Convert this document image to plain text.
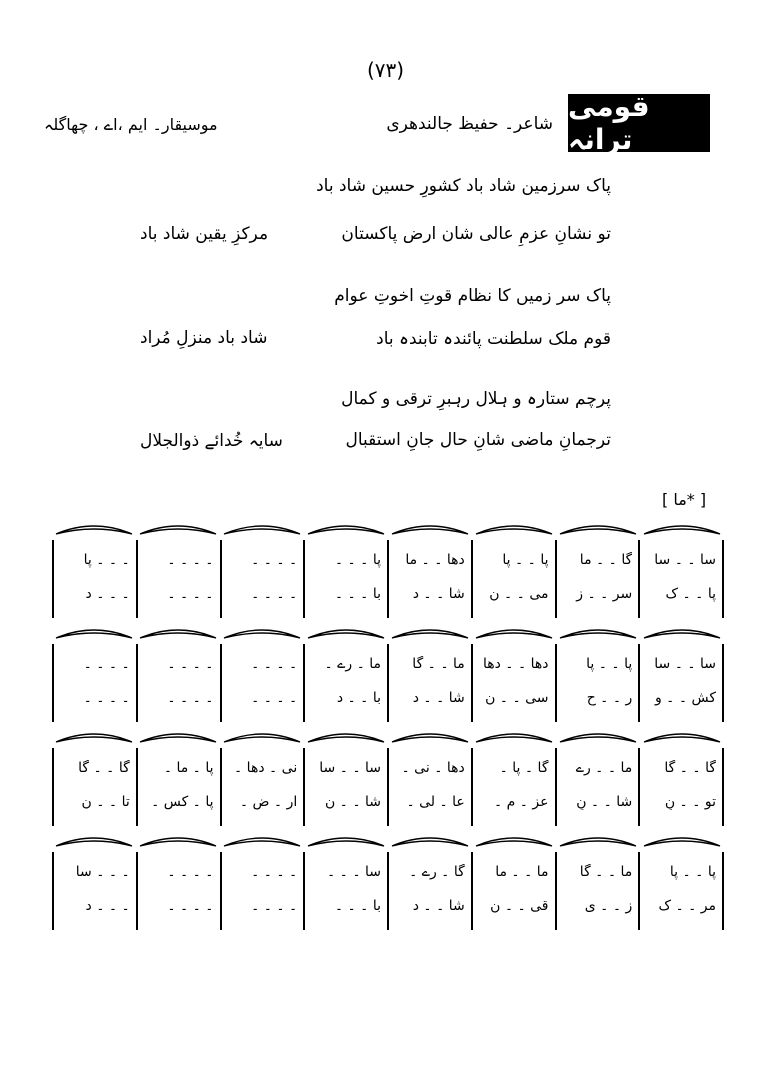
(۷۳)
قومی ترانہ
شاعر۔ حفیظ جالندھری
موسیقار۔ ایم ،اے ، چھاگلہ
پاک سرزمین شاد باد کشورِ حسین شاد باد
تو نشانِ عزمِ عالی شان ارض پاکستان
مرکزِ یقین شاد باد
پاک سر زمیں کا نظام قوتِ اخوتِ عوام
قوم ملک سلطنت پائندہ تابندہ باد
شاد باد منزلِ مُراد
پرچم ستارہ و ہلال رہبرِ ترقی و کمال
ترجمانِ ماضی شانِ حال جانِ استقبال
سایہ خُدائے ذوالجلال
[ ما* ]
سا ۔ ۔ سا
پا ۔ ۔ ک
گا ۔ ۔ ما
سر ۔ ۔ ز
پا ۔ ۔ پا
می ۔ ۔ ن
دھا ۔ ۔ ما
شا ۔ ۔ د
پا ۔ ۔ ۔
با ۔ ۔ ۔
۔ ۔ ۔ ۔
۔ ۔ ۔ ۔
۔ ۔ ۔ ۔
۔ ۔ ۔ ۔
۔ ۔ ۔ پا
۔ ۔ ۔ د
سا ۔ ۔ سا
کش ۔ ۔ و
پا ۔ ۔ پا
رِ ۔ ۔ ح
دھا ۔ ۔ دھا
سی ۔ ۔ ن
ما ۔ ۔ گا
شا ۔ ۔ د
ما ۔ رے ۔
با ۔ ۔ د
۔ ۔ ۔ ۔
۔ ۔ ۔ ۔
۔ ۔ ۔ ۔
۔ ۔ ۔ ۔
۔ ۔ ۔ ۔
۔ ۔ ۔ ۔
گا ۔ ۔ گا
تو ۔ ۔ نِ
ما ۔ ۔ رے
شا ۔ ۔ نِ
گا ۔ پا ۔
عز ۔ م ۔
دھا ۔ نی ۔
عا ۔ لی ۔
سا ۔ ۔ سا
شا ۔ ۔ ن
نی ۔ دھا ۔
ار ۔ ض ۔
پا ۔ ما ۔
پا ۔ کس ۔
گا ۔ ۔ گا
تا ۔ ۔ ن
پا ۔ ۔ پا
مر ۔ ۔ ک
ما ۔ ۔ گا
زِ ۔ ۔ ی
ما ۔ ۔ ما
قی ۔ ۔ ن
گا ۔ رے ۔
شا ۔ ۔ د
سا ۔ ۔ ۔
با ۔ ۔ ۔
۔ ۔ ۔ ۔
۔ ۔ ۔ ۔
۔ ۔ ۔ ۔
۔ ۔ ۔ ۔
۔ ۔ ۔ سا
۔ ۔ ۔ د
